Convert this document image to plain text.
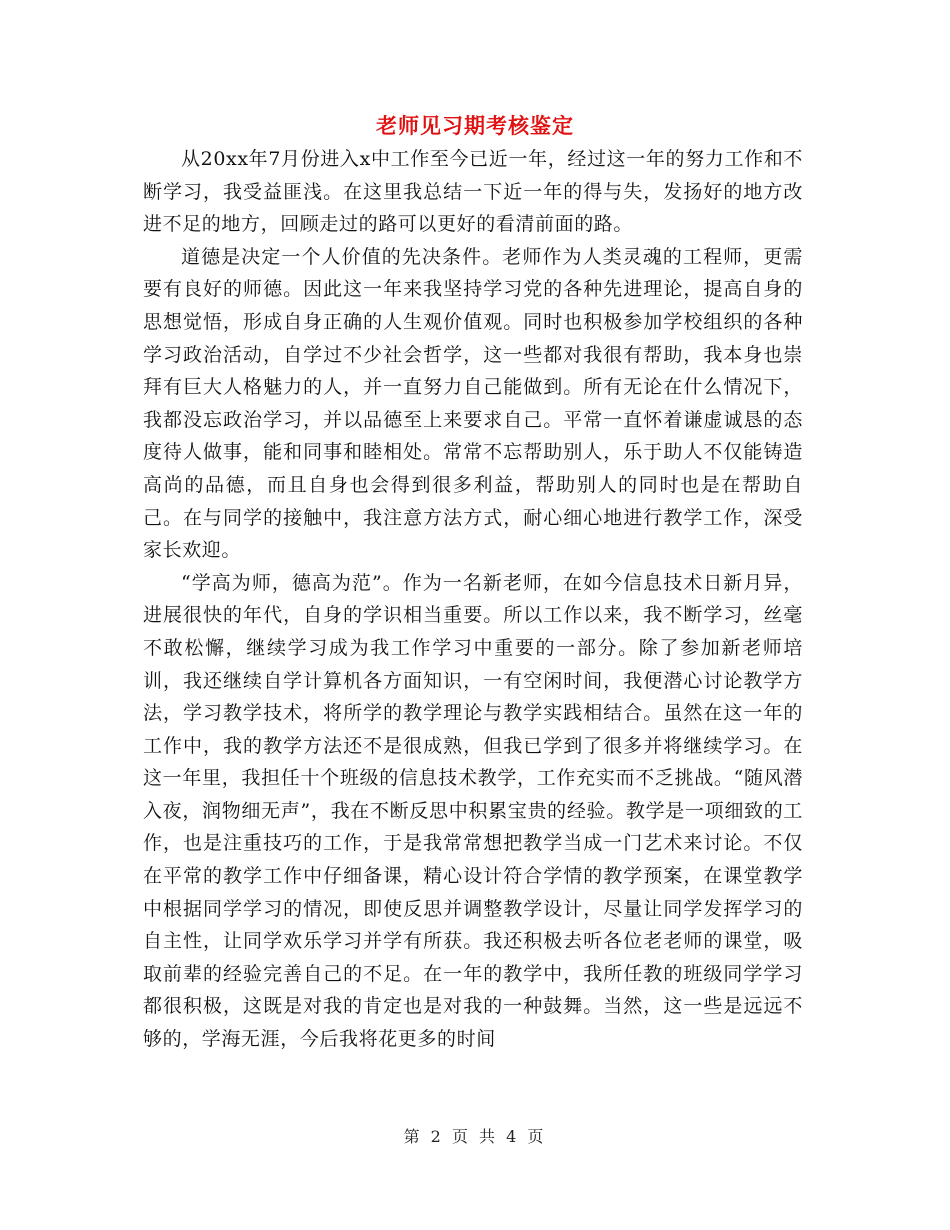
老师见习期考核鉴定

从20xx年7月份进入x中工作至今已近一年，经过这一年的努力工作和不断学习，我受益匪浅。在这里我总结一下近一年的得与失，发扬好的地方改进不足的地方，回顾走过的路可以更好的看清前面的路。

道德是决定一个人价值的先决条件。老师作为人类灵魂的工程师，更需要有良好的师德。因此这一年来我坚持学习党的各种先进理论，提高自身的思想觉悟，形成自身正确的人生观价值观。同时也积极参加学校组织的各种学习政治活动，自学过不少社会哲学，这一些都对我很有帮助，我本身也崇拜有巨大人格魅力的人，并一直努力自己能做到。所有无论在什么情况下，我都没忘政治学习，并以品德至上来要求自己。平常一直怀着谦虚诚恳的态度待人做事，能和同事和睦相处。常常不忘帮助别人，乐于助人不仅能铸造高尚的品德，而且自身也会得到很多利益，帮助别人的同时也是在帮助自己。在与同学的接触中，我注意方法方式，耐心细心地进行教学工作，深受家长欢迎。

“学高为师，德高为范”。作为一名新老师，在如今信息技术日新月异，进展很快的年代，自身的学识相当重要。所以工作以来，我不断学习，丝毫不敢松懈，继续学习成为我工作学习中重要的一部分。除了参加新老师培训，我还继续自学计算机各方面知识，一有空闲时间，我便潜心讨论教学方法，学习教学技术，将所学的教学理论与教学实践相结合。虽然在这一年的工作中，我的教学方法还不是很成熟，但我已学到了很多并将继续学习。在这一年里，我担任十个班级的信息技术教学，工作充实而不乏挑战。“随风潜入夜，润物细无声”，我在不断反思中积累宝贵的经验。教学是一项细致的工作，也是注重技巧的工作，于是我常常想把教学当成一门艺术来讨论。不仅在平常的教学工作中仔细备课，精心设计符合学情的教学预案，在课堂教学中根据同学学习的情况，即使反思并调整教学设计，尽量让同学发挥学习的自主性，让同学欢乐学习并学有所获。我还积极去听各位老老师的课堂，吸取前辈的经验完善自己的不足。在一年的教学中，我所任教的班级同学学习都很积极，这既是对我的肯定也是对我的一种鼓舞。当然，这一些是远远不够的，学海无涯，今后我将花更多的时间

第 2 页 共 4 页
